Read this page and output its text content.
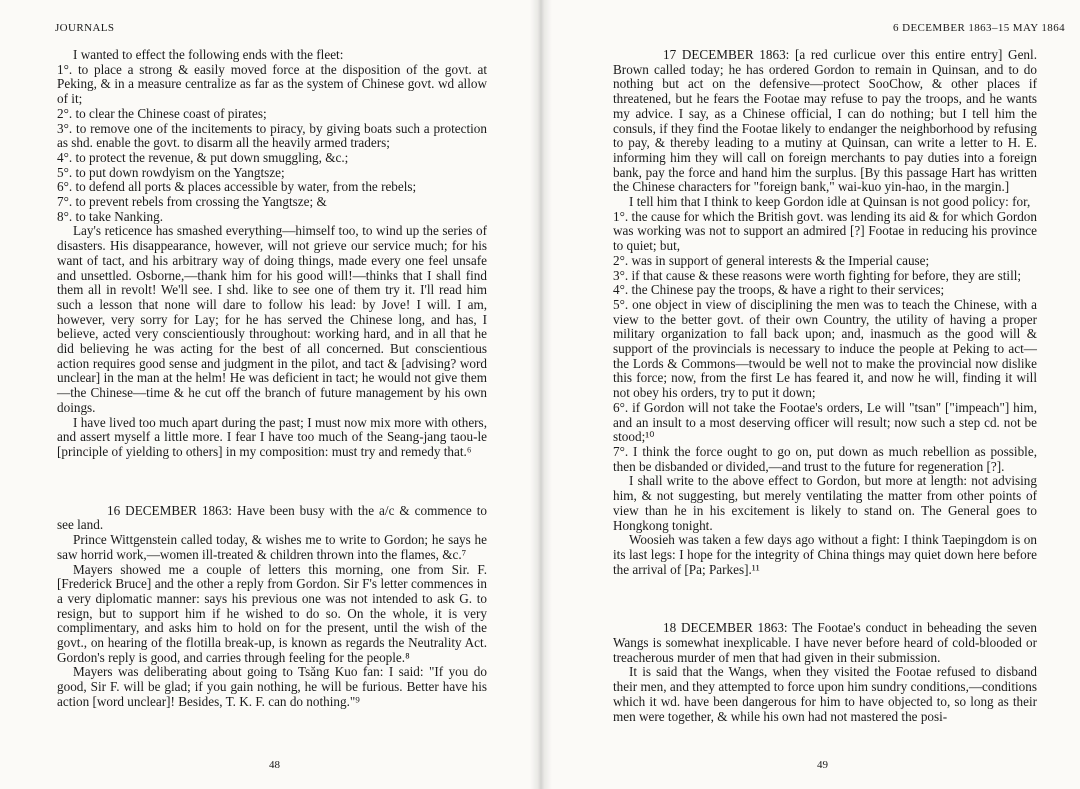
JOURNALS

I wanted to effect the following ends with the fleet:

1°. to place a strong & easily moved force at the disposition of the govt. at Peking, & in a measure centralize as far as the system of Chinese govt. wd allow of it;

2°. to clear the Chinese coast of pirates;

3°. to remove one of the incitements to piracy, by giving boats such a protection as shd. enable the govt. to disarm all the heavily armed traders;

4°. to protect the revenue, & put down smuggling, &c.;

5°. to put down rowdyism on the Yangtsze;

6°. to defend all ports & places accessible by water, from the rebels;

7°. to prevent rebels from crossing the Yangtsze; &

8°. to take Nanking.

Lay's reticence has smashed everything—himself too, to wind up the series of disasters. His disappearance, however, will not grieve our service much; for his want of tact, and his arbitrary way of doing things, made every one feel unsafe and unsettled. Osborne,—thank him for his good will!—thinks that I shall find them all in revolt! We'll see. I shd. like to see one of them try it. I'll read him such a lesson that none will dare to follow his lead: by Jove! I will. I am, however, very sorry for Lay; for he has served the Chinese long, and has, I believe, acted very conscientiously throughout: working hard, and in all that he did believing he was acting for the best of all concerned. But conscientious action requires good sense and judgment in the pilot, and tact & [advising? word unclear] in the man at the helm! He was deficient in tact; he would not give them—the Chinese—time & he cut off the branch of future management by his own doings.

I have lived too much apart during the past; I must now mix more with others, and assert myself a little more. I fear I have too much of the Seang-jang taou-le [principle of yielding to others] in my composition: must try and remedy that.⁶

16 DECEMBER 1863: Have been busy with the a/c & commence to see land.

Prince Wittgenstein called today, & wishes me to write to Gordon; he says he saw horrid work,—women ill-treated & children thrown into the flames, &c.⁷

Mayers showed me a couple of letters this morning, one from Sir. F. [Frederick Bruce] and the other a reply from Gordon. Sir F's letter commences in a very diplomatic manner: says his previous one was not intended to ask G. to resign, but to support him if he wished to do so. On the whole, it is very complimentary, and asks him to hold on for the present, until the wish of the govt., on hearing of the flotilla break-up, is known as regards the Neutrality Act. Gordon's reply is good, and carries through feeling for the people.⁸

Mayers was deliberating about going to Tsăng Kuo fan: I said: "If you do good, Sir F. will be glad; if you gain nothing, he will be furious. Better have his action [word unclear]! Besides, T. K. F. can do nothing."⁹

48
6 DECEMBER 1863–15 MAY 1864

17 DECEMBER 1863: [a red curlicue over this entire entry] Genl. Brown called today; he has ordered Gordon to remain in Quinsan, and to do nothing but act on the defensive—protect SooChow, & other places if threatened, but he fears the Footae may refuse to pay the troops, and he wants my advice. I say, as a Chinese official, I can do nothing; but I tell him the consuls, if they find the Footae likely to endanger the neighborhood by refusing to pay, & thereby leading to a mutiny at Quinsan, can write a letter to H. E. informing him they will call on foreign merchants to pay duties into a foreign bank, pay the force and hand him the surplus. [By this passage Hart has written the Chinese characters for "foreign bank," wai-kuo yin-hao, in the margin.]

I tell him that I think to keep Gordon idle at Quinsan is not good policy: for,

1°. the cause for which the British govt. was lending its aid & for which Gordon was working was not to support an admired [?] Footae in reducing his province to quiet; but,

2°. was in support of general interests & the Imperial cause;

3°. if that cause & these reasons were worth fighting for before, they are still;

4°. the Chinese pay the troops, & have a right to their services;

5°. one object in view of disciplining the men was to teach the Chinese, with a view to the better govt. of their own Country, the utility of having a proper military organization to fall back upon; and, inasmuch as the good will & support of the provincials is necessary to induce the people at Peking to act—the Lords & Commons—twould be well not to make the provincial now dislike this force; now, from the first Le has feared it, and now he will, finding it will not obey his orders, try to put it down;

6°. if Gordon will not take the Footae's orders, Le will "tsan" ["impeach"] him, and an insult to a most deserving officer will result; now such a step cd. not be stood;¹⁰

7°. I think the force ought to go on, put down as much rebellion as possible, then be disbanded or divided,—and trust to the future for regeneration [?].

I shall write to the above effect to Gordon, but more at length: not advising him, & not suggesting, but merely ventilating the matter from other points of view than he in his excitement is likely to stand on. The General goes to Hongkong tonight.

Woosieh was taken a few days ago without a fight: I think Taepingdom is on its last legs: I hope for the integrity of China things may quiet down here before the arrival of [Pa; Parkes].¹¹

18 DECEMBER 1863: The Footae's conduct in beheading the seven Wangs is somewhat inexplicable. I have never before heard of cold-blooded or treacherous murder of men that had given in their submission.

It is said that the Wangs, when they visited the Footae refused to disband their men, and they attempted to force upon him sundry conditions,—conditions which it wd. have been dangerous for him to have objected to, so long as their men were together, & while his own had not mastered the posi-

49
